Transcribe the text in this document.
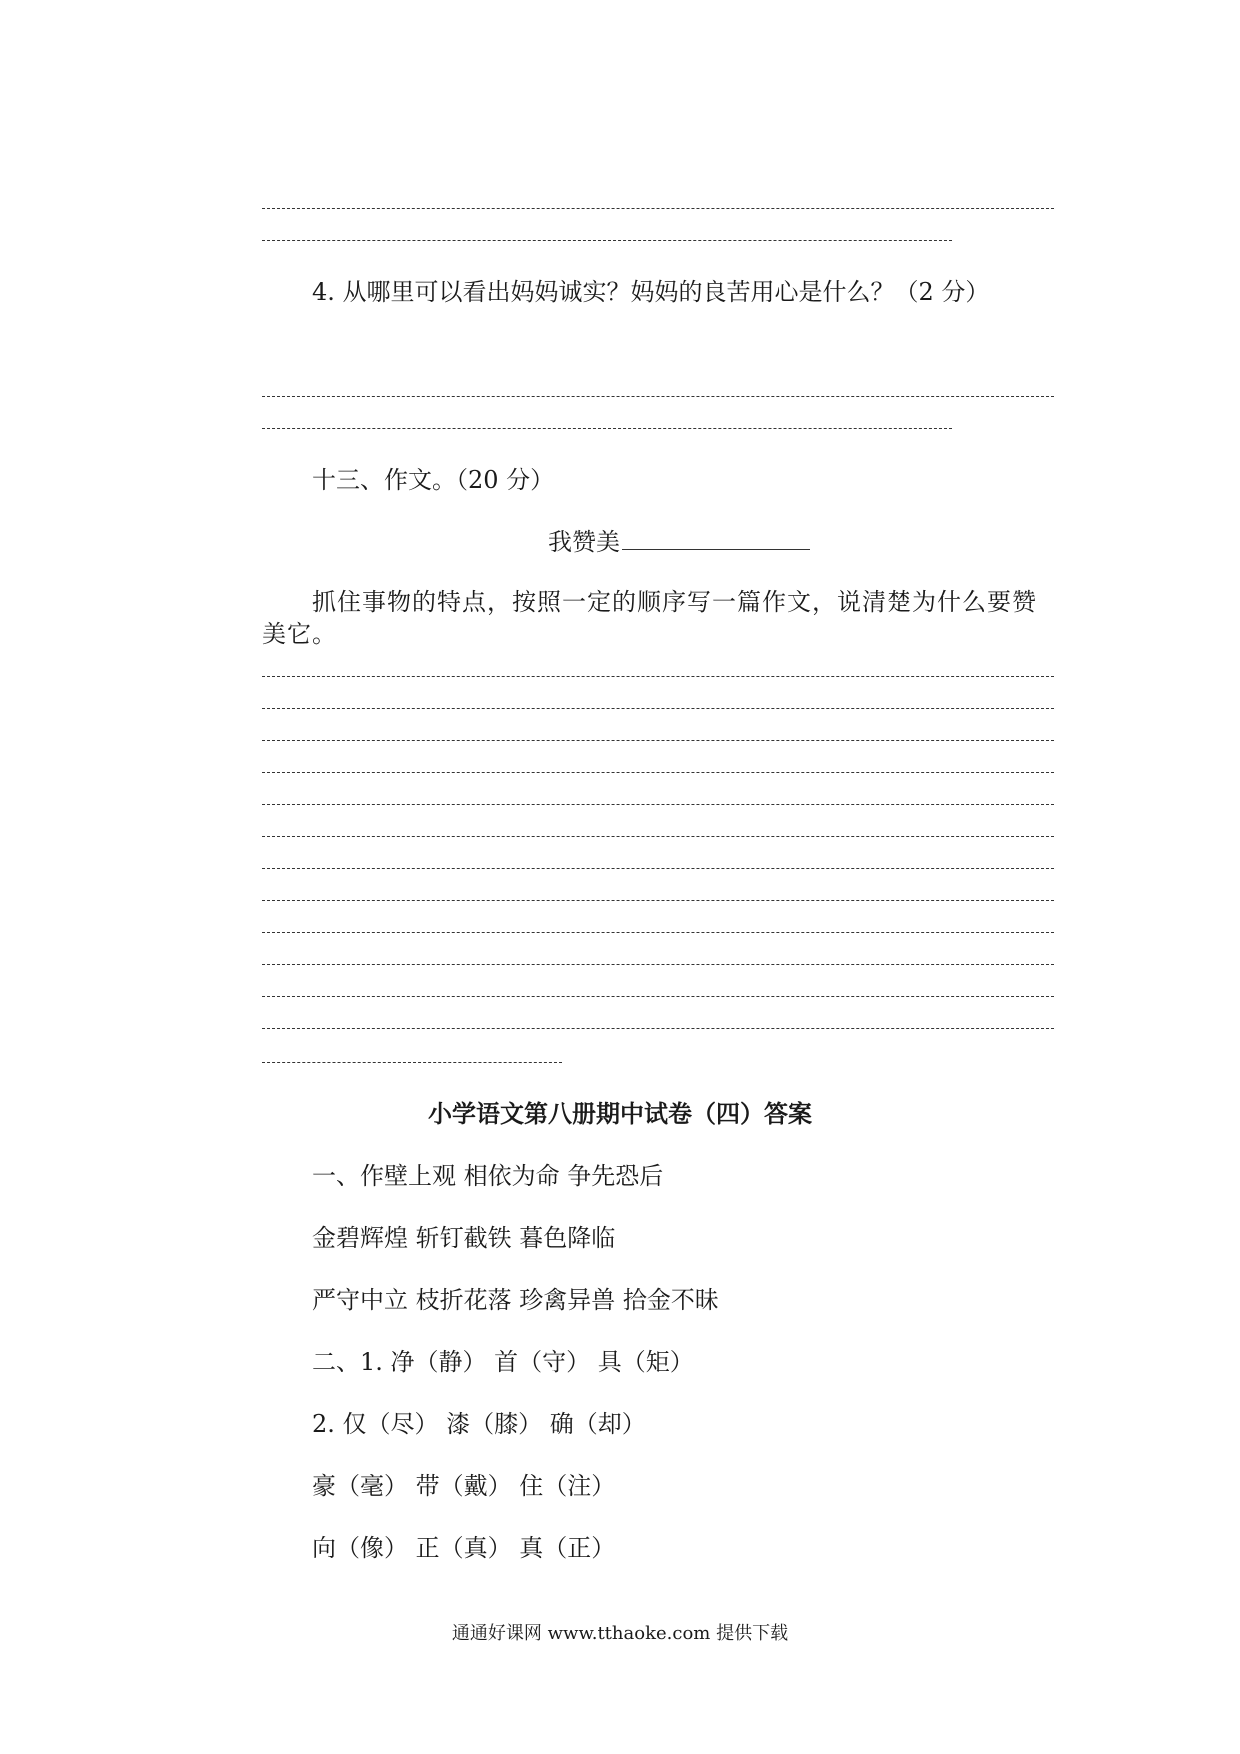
4. 从哪里可以看出妈妈诚实？妈妈的良苦用心是什么？（2 分）
十三、作文。（20 分）
我赞美
抓住事物的特点，按照一定的顺序写一篇作文，说清楚为什么要赞美它。
小学语文第八册期中试卷（四）答案
一、作壁上观 相依为命 争先恐后
金碧辉煌 斩钉截铁 暮色降临
严守中立 枝折花落 珍禽异兽 拾金不昧
二、1. 净（静） 首（守） 具（矩）
2. 仅（尽） 漆（膝） 确（却）
豪（毫） 带（戴） 住（注）
向（像） 正（真） 真（正）
通通好课网 www.tthaoke.com 提供下载
